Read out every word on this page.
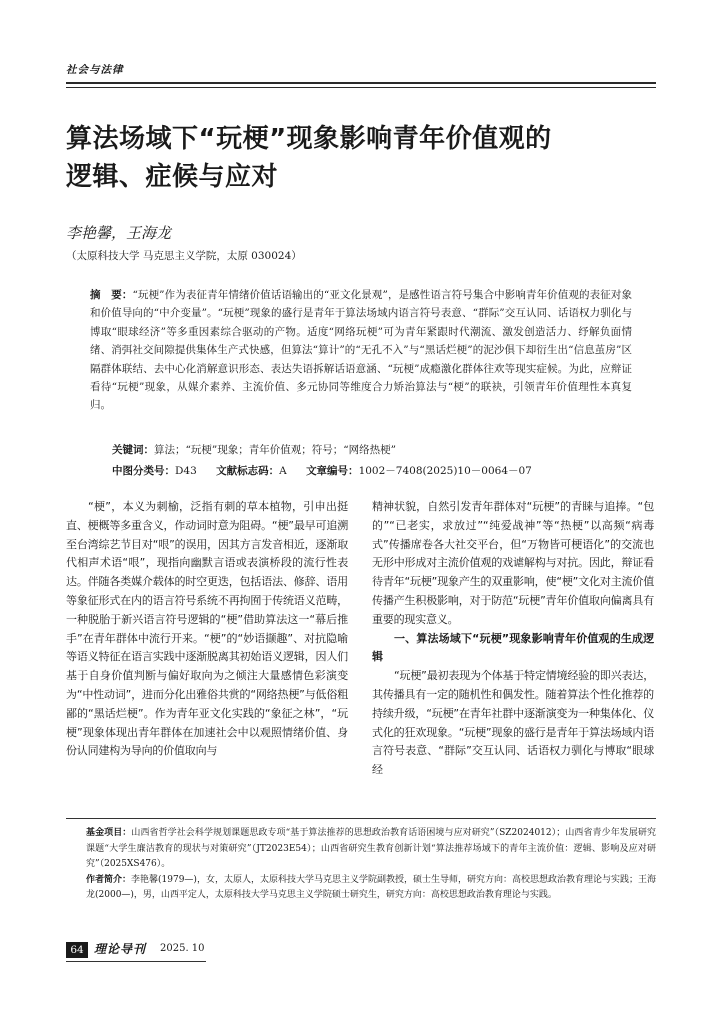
社会与法律
算法场域下“玩梗”现象影响青年价值观的
逻辑、症候与应对
李艳馨，王海龙
（太原科技大学 马克思主义学院，太原 030024）
摘　要：“玩梗”作为表征青年情绪价值话语输出的“亚文化景观”，是感性语言符号集合中影响青年价值观的表征对象和价值导向的“中介变量”。“玩梗”现象的盛行是青年于算法场域内语言符号表意、“群际”交互认同、话语权力驯化与博取“眼球经济”等多重因素综合驱动的产物。适度“网络玩梗”可为青年紧跟时代潮流、激发创造活力、纾解负面情绪、消弭社交间隙提供集体生产式快感，但算法“算计”的“无孔不入”与“黑话烂梗”的泥沙俱下却衍生出“信息茧房”区隔群体联结、去中心化消解意识形态、表达失语拆解话语意涵、“玩梗”成瘾激化群体往欢等现实症候。为此，应辩证看待“玩梗”现象，从媒介素养、主流价值、多元协同等维度合力矫治算法与“梗”的联袂，引领青年价值理性本真复归。
关键词：算法；“玩梗”现象；青年价值观；符号；“网络热梗”
中图分类号：D43 文献标志码：A 文章编号：1002－7408(2025)10－0064－07

“梗”，本义为刺榆，泛指有刺的草本植物，引申出挺直、梗概等多重含义，作动词时意为阻碍。“梗”最早可追溯至台湾综艺节目对“哏”的误用，因其方言发音相近，逐渐取代相声术语“哏”，现指向幽默言语或表演桥段的流行性表达。伴随各类媒介载体的时空更迭，包括语法、修辞、语用等象征形式在内的语言符号系统不再拘囿于传统语义范畴，一种脱胎于新兴语言符号逻辑的“梗”借助算法这一“幕后推手”在青年群体中流行开来。“梗”的“妙语撷趣”、对抗隐喻等语义特征在语言实践中逐渐脱离其初始语义逻辑，因人们基于自身价值判断与偏好取向为之倾注大量感情色彩演变为“中性动词”，进而分化出雅俗共赏的“网络热梗”与低俗粗鄙的“黑话烂梗”。作为青年亚文化实践的“象征之林”，“玩梗”现象体现出青年群体在加速社会中以观照情绪价值、身份认同建构为导向的价值取向与

精神状貌，自然引发青年群体对“玩梗”的青睐与追捧。“包的”“已老实，求放过”“纯爱战神”等“热梗”以高频“病毒式”传播席卷各大社交平台，但“万物皆可梗语化”的交流也无形中形成对主流价值观的戏谑解构与对抗。因此，辩证看待青年“玩梗”现象产生的双重影响，使“梗”文化对主流价值传播产生积极影响，对于防范“玩梗”青年价值取向偏离具有重要的现实意义。

一、算法场域下“玩梗”现象影响青年价值观的生成逻辑

“玩梗”最初表现为个体基于特定情境经验的即兴表达，其传播具有一定的随机性和偶发性。随着算法个性化推荐的持续升级，“玩梗”在青年社群中逐渐演变为一种集体化、仪式化的狂欢现象。“玩梗”现象的盛行是青年于算法场域内语言符号表意、“群际”交互认同、话语权力驯化与博取“眼球经

基金项目：山西省哲学社会科学规划课题思政专项“基于算法推荐的思想政治教育话语困境与应对研究”（SZ2024012）；山西省青少年发展研究课题“大学生廉洁教育的现状与对策研究”（JT2023E54）；山西省研究生教育创新计划“算法推荐场域下的青年主流价值：逻辑、影响及应对研究”（2025XS476）。

作者简介：李艳馨(1979—)，女，太原人，太原科技大学马克思主义学院副教授，硕士生导师，研究方向：高校思想政治教育理论与实践；王海龙(2000—)，男，山西平定人，太原科技大学马克思主义学院硕士研究生，研究方向：高校思想政治教育理论与实践。

64 理论导刊 2025. 10
